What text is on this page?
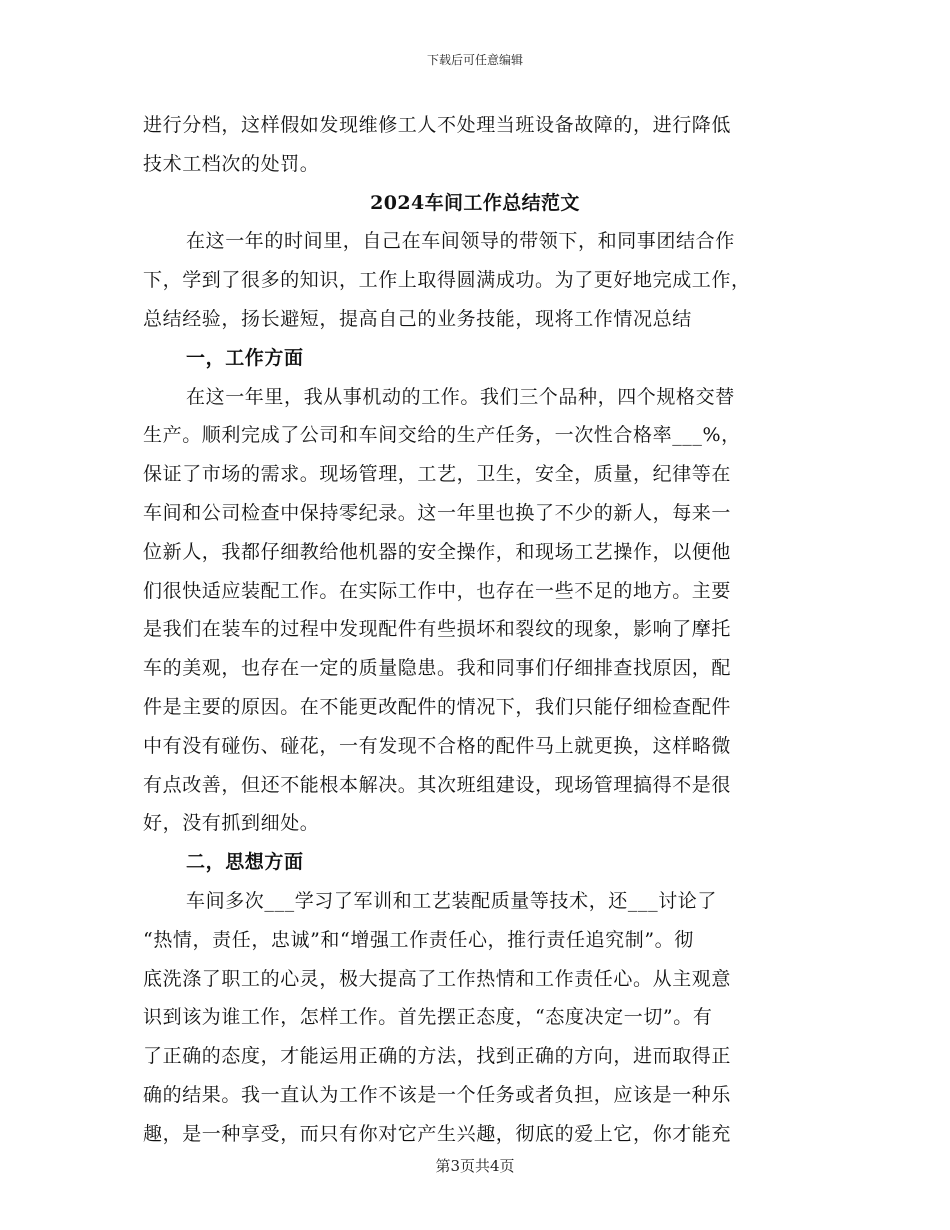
下载后可任意编辑
进行分档，这样假如发现维修工人不处理当班设备故障的，进行降低
技术工档次的处罚。
2024车间工作总结范文
在这一年的时间里，自己在车间领导的带领下，和同事团结合作
下，学到了很多的知识，工作上取得圆满成功。为了更好地完成工作，
总结经验，扬长避短，提高自己的业务技能，现将工作情况总结
一，工作方面
在这一年里，我从事机动的工作。我们三个品种，四个规格交替
生产。顺利完成了公司和车间交给的生产任务，一次性合格率___%，
保证了市场的需求。现场管理，工艺，卫生，安全，质量，纪律等在
车间和公司检查中保持零纪录。这一年里也换了不少的新人，每来一
位新人，我都仔细教给他机器的安全操作，和现场工艺操作，以便他
们很快适应装配工作。在实际工作中，也存在一些不足的地方。主要
是我们在装车的过程中发现配件有些损坏和裂纹的现象，影响了摩托
车的美观，也存在一定的质量隐患。我和同事们仔细排查找原因，配
件是主要的原因。在不能更改配件的情况下，我们只能仔细检查配件
中有没有碰伤、碰花，一有发现不合格的配件马上就更换，这样略微
有点改善，但还不能根本解决。其次班组建设，现场管理搞得不是很
好，没有抓到细处。
二，思想方面
车间多次___学习了军训和工艺装配质量等技术，还___讨论了
“热情，责任，忠诚”和“增强工作责任心，推行责任追究制”。彻
底洗涤了职工的心灵，极大提高了工作热情和工作责任心。从主观意
识到该为谁工作，怎样工作。首先摆正态度，“态度决定一切”。有
了正确的态度，才能运用正确的方法，找到正确的方向，进而取得正
确的结果。我一直认为工作不该是一个任务或者负担，应该是一种乐
趣，是一种享受，而只有你对它产生兴趣，彻底的爱上它，你才能充
第3页共4页
